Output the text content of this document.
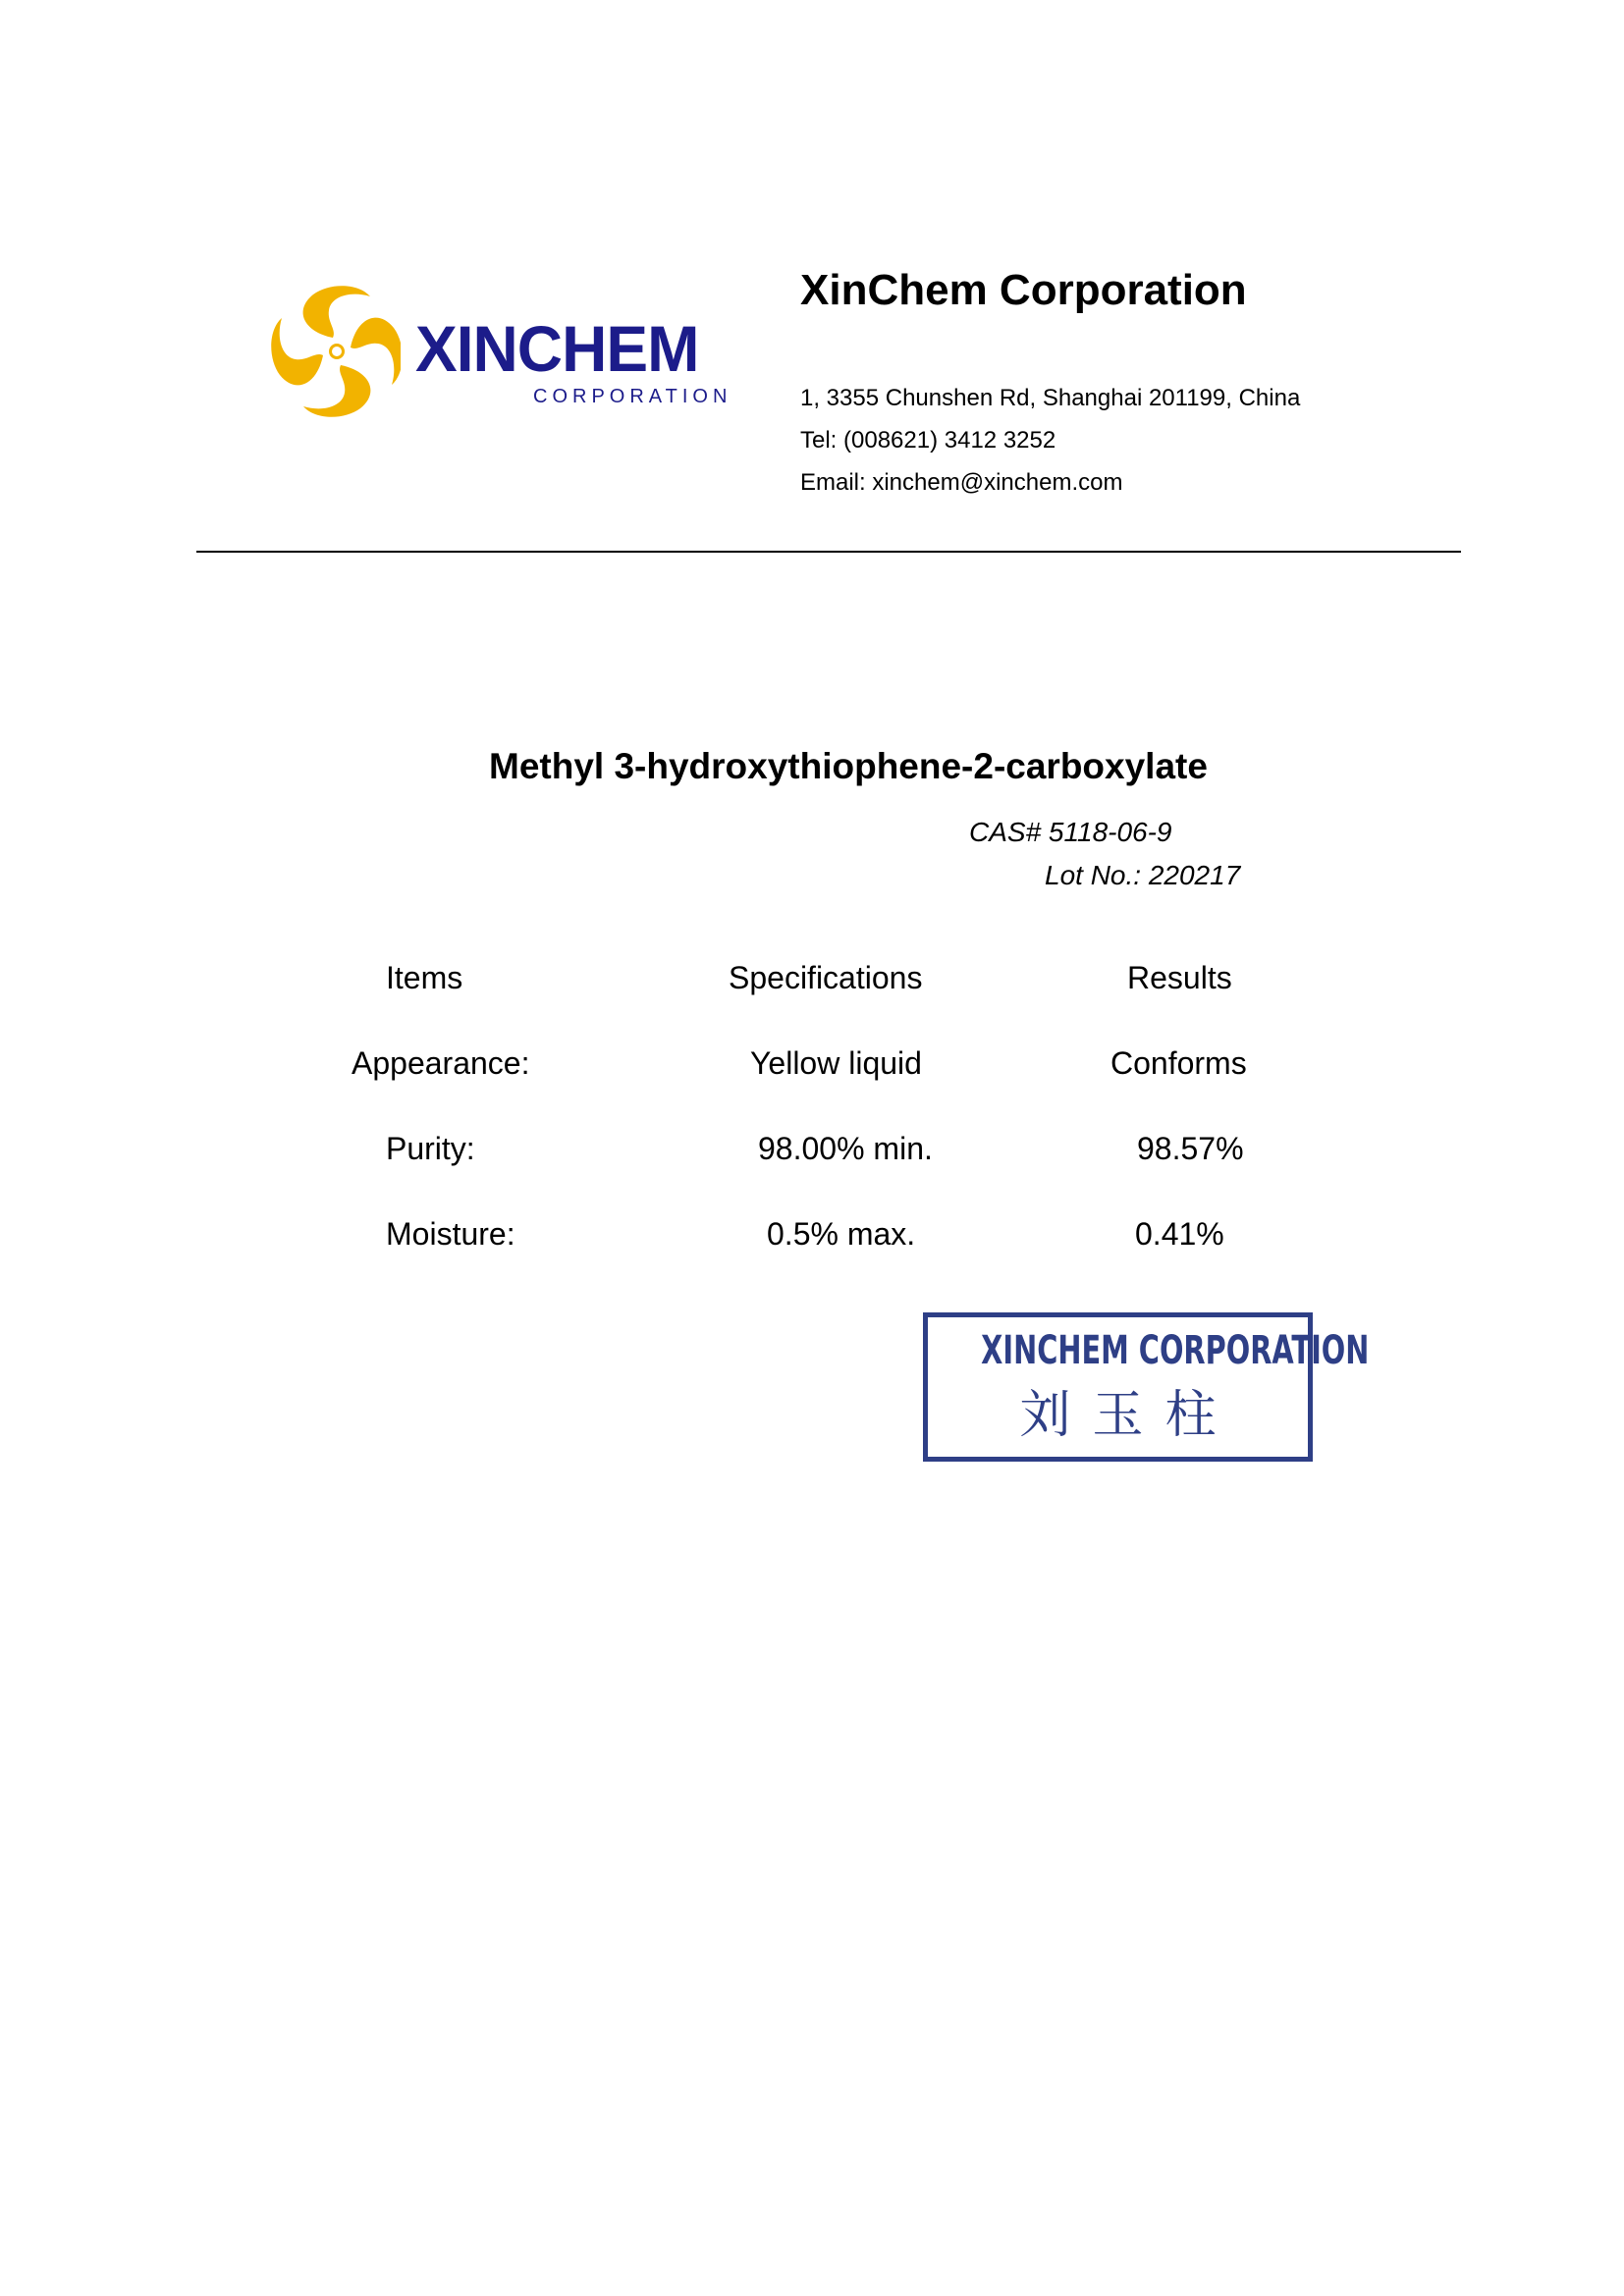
XINCHEM
CORPORATION
XinChem Corporation
1, 3355 Chunshen Rd, Shanghai 201199, China
Tel: (008621) 3412 3252
Email: xinchem@xinchem.com
Methyl 3-hydroxythiophene-2-carboxylate
CAS# 5118-06-9
Lot No.: 220217
Items	Specifications	Results
Appearance:	Yellow liquid	Conforms
Purity:	98.00% min.	98.57%
Moisture:	0.5% max.	0.41%
XINCHEM CORPORATION
刘玉柱
